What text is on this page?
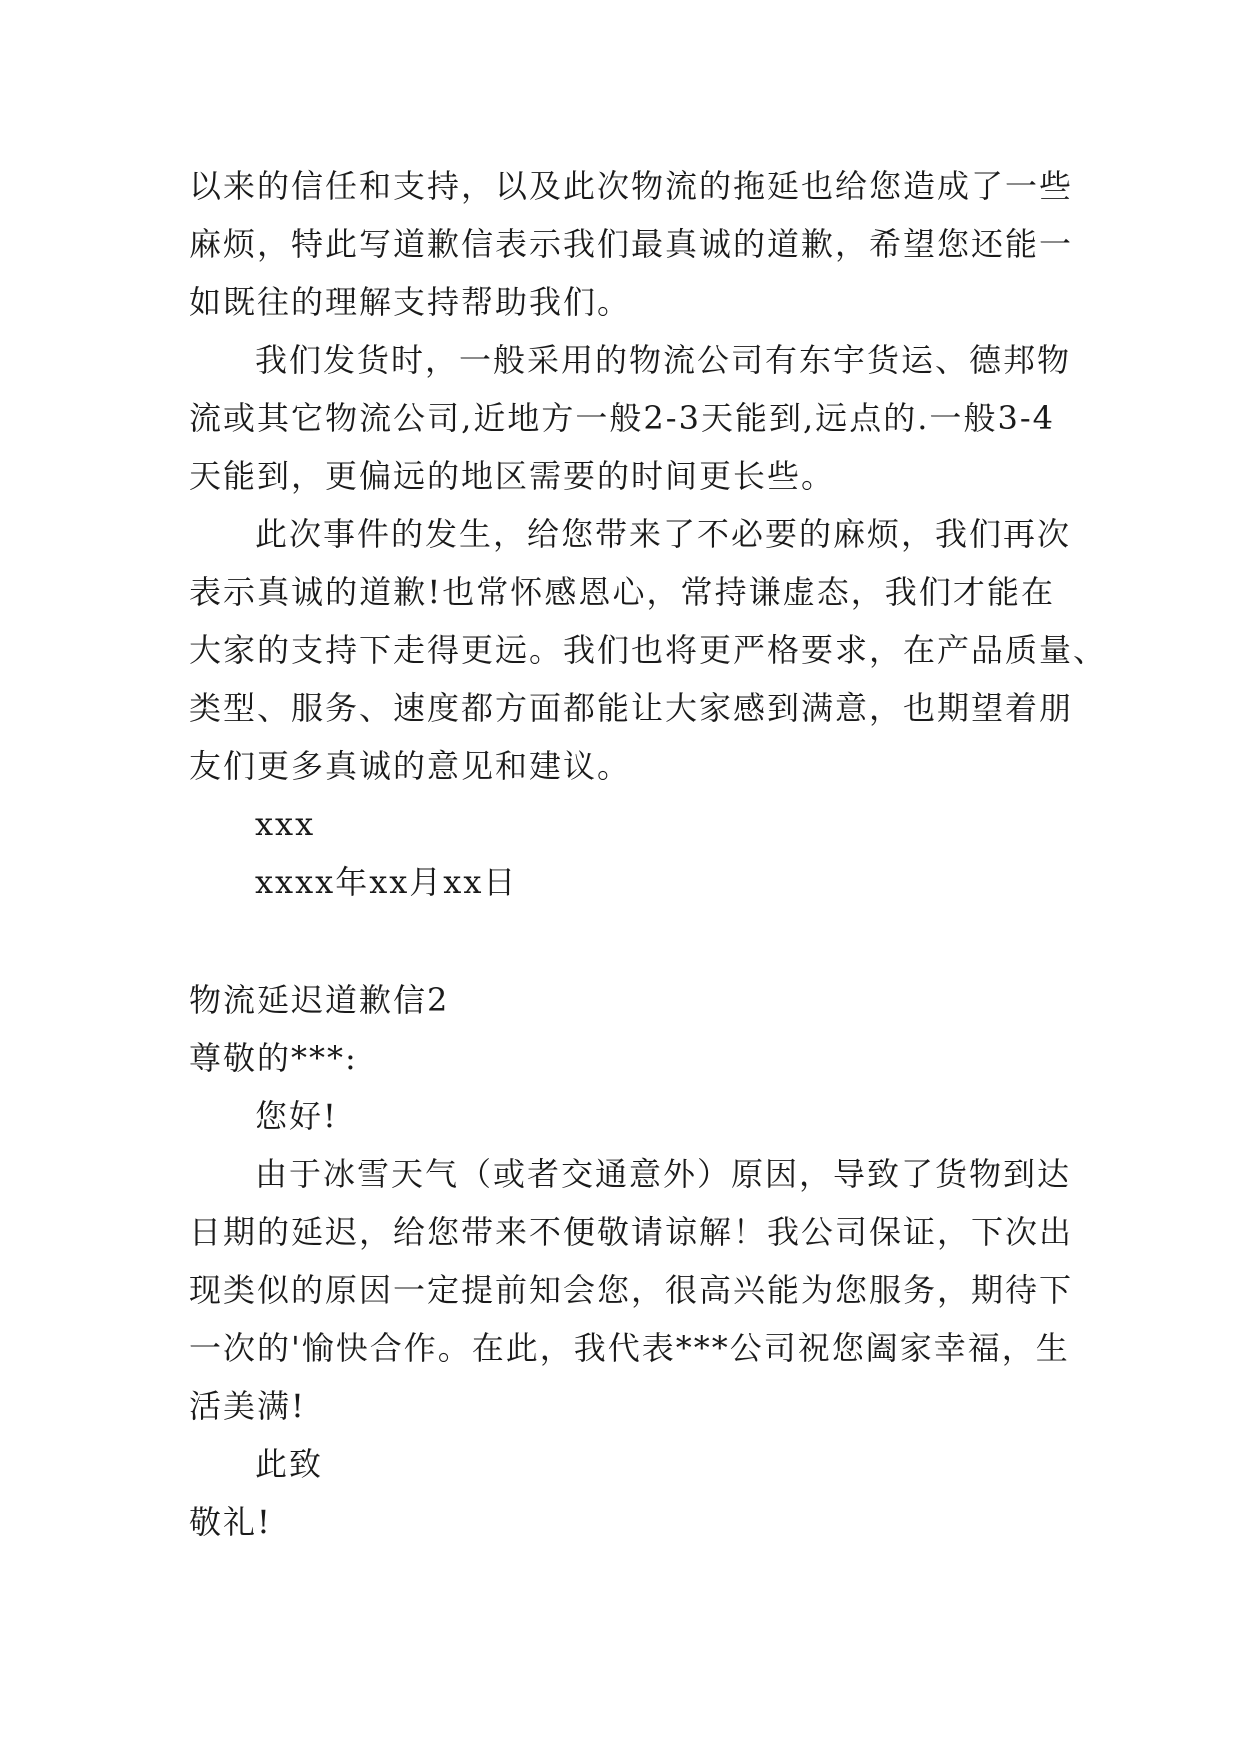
以来的信任和支持，以及此次物流的拖延也给您造成了一些
麻烦，特此写道歉信表示我们最真诚的道歉，希望您还能一
如既往的理解支持帮助我们。
我们发货时，一般采用的物流公司有东宇货运、德邦物
流或其它物流公司,近地方一般2-3天能到,远点的.一般3-4
天能到，更偏远的地区需要的时间更长些。
此次事件的发生，给您带来了不必要的麻烦，我们再次
表示真诚的道歉!也常怀感恩心，常持谦虚态，我们才能在
大家的支持下走得更远。我们也将更严格要求，在产品质量、
类型、服务、速度都方面都能让大家感到满意，也期望着朋
友们更多真诚的意见和建议。
xxx
xxxx年xx月xx日
物流延迟道歉信2
尊敬的***:
您好!
由于冰雪天气（或者交通意外）原因，导致了货物到达
日期的延迟，给您带来不便敬请谅解！我公司保证，下次出
现类似的原因一定提前知会您，很高兴能为您服务，期待下
一次的'愉快合作。在此，我代表***公司祝您阖家幸福，生
活美满!
此致
敬礼!
